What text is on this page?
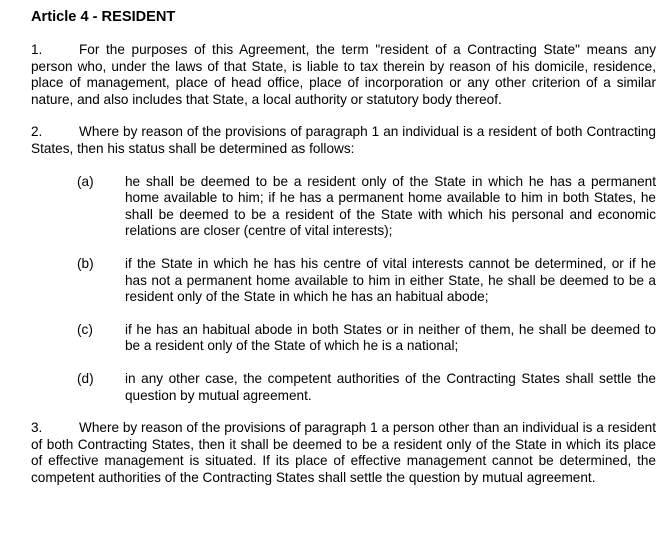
Article 4 - RESIDENT
1.	For the purposes of this Agreement, the term "resident of a Contracting State" means any person who, under the laws of that State, is liable to tax therein by reason of his domicile, residence, place of management, place of head office, place of incorporation or any other criterion of a similar nature, and also includes that State, a local authority or statutory body thereof.
2.	Where by reason of the provisions of paragraph 1 an individual is a resident of both Contracting States, then his status shall be determined as follows:
(a)	he shall be deemed to be a resident only of the State in which he has a permanent home available to him; if he has a permanent home available to him in both States, he shall be deemed to be a resident of the State with which his personal and economic relations are closer (centre of vital interests);
(b)	if the State in which he has his centre of vital interests cannot be determined, or if he has not a permanent home available to him in either State, he shall be deemed to be a resident only of the State in which he has an habitual abode;
(c)	if he has an habitual abode in both States or in neither of them, he shall be deemed to be a resident only of the State of which he is a national;
(d)	in any other case, the competent authorities of the Contracting States shall settle the question by mutual agreement.
3.	Where by reason of the provisions of paragraph 1 a person other than an individual is a resident of both Contracting States, then it shall be deemed to be a resident only of the State in which its place of effective management is situated. If its place of effective management cannot be determined, the competent authorities of the Contracting States shall settle the question by mutual agreement.
